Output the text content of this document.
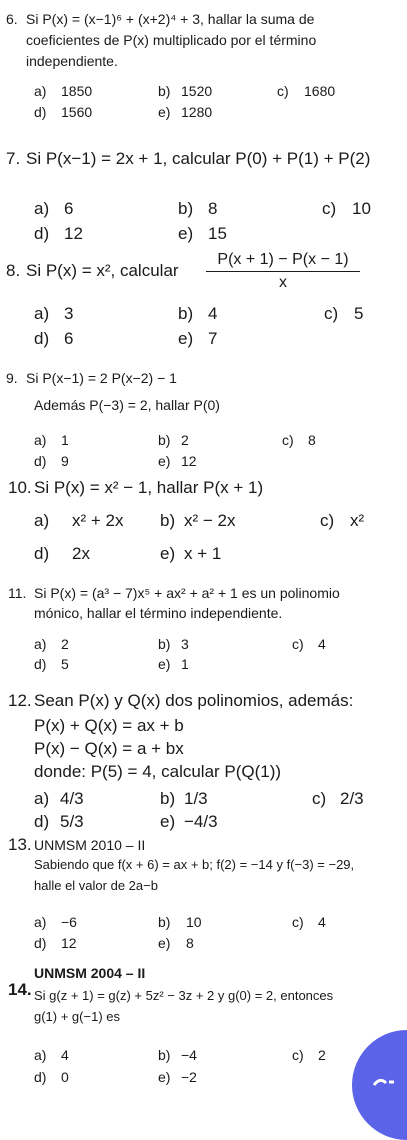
6. Si P(x) = (x−1)⁶ + (x+2)⁴ + 3, hallar la suma de
coeficientes de P(x) multiplicado por el término
independiente.
a) 1850	b) 1520	c) 1680
d) 1560	e) 1280
7. Si P(x−1) = 2x + 1, calcular P(0) + P(1) + P(2)
a) 6	b) 8	c) 10
d) 12	e) 15
8. Si P(x) = x², calcular
P(x + 1) − P(x − 1)
x
a) 3	b) 4	c) 5
d) 6	e) 7
9. Si P(x−1) = 2 P(x−2) − 1
Además P(−3) = 2, hallar P(0)
a) 1	b) 2	c) 8
d) 9	e) 12
10. Si P(x) = x² − 1, hallar P(x + 1)
a) x² + 2x b) x² − 2x	c) x²
d) 2x	e) x + 1
11. Si P(x) = (a³ − 7)x⁵ + ax² + a² + 1 es un polinomio
mónico, hallar el término independiente.
a) 2	b) 3	c) 4
d) 5	e) 1
12. Sean P(x) y Q(x) dos polinomios, además:
P(x) + Q(x) = ax + b
P(x) − Q(x) = a + bx
donde: P(5) = 4, calcular P(Q(1))
a) 4/3	b) 1/3	c) 2/3
d) 5/3	e) −4/3
13. UNMSM 2010 – II
Sabiendo que f(x + 6) = ax + b; f(2) = −14 y f(−3) = −29,
halle el valor de 2a−b
a) −6	b) 10	c) 4
d) 12	e) 8
14.
UNMSM 2004 – II
Si g(z + 1) = g(z) + 5z² − 3z + 2 y g(0) = 2, entonces
g(1) + g(−1) es
a) 4	b) −4	c) 2
d) 0	e) −2
